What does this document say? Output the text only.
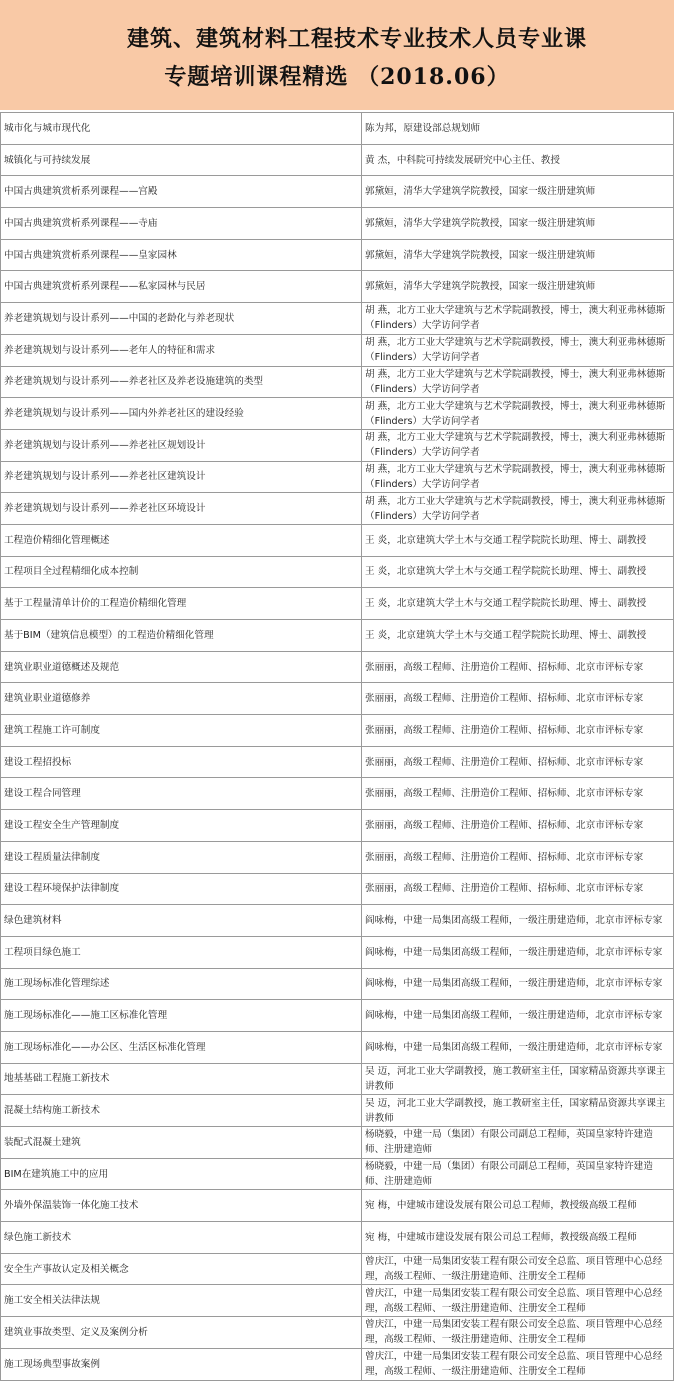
建筑、建筑材料工程技术专业技术人员专业课
专题培训课程精选 （2018.06）
城市化与城市现代化	陈为邦，原建设部总规划师

城镇化与可持续发展	黄 杰，中科院可持续发展研究中心主任、教授

中国古典建筑赏析系列课程——宫殿	郭黛姮，清华大学建筑学院教授，国家一级注册建筑师

中国古典建筑赏析系列课程——寺庙	郭黛姮，清华大学建筑学院教授，国家一级注册建筑师

中国古典建筑赏析系列课程——皇家园林	郭黛姮，清华大学建筑学院教授，国家一级注册建筑师

中国古典建筑赏析系列课程——私家园林与民居	郭黛姮，清华大学建筑学院教授，国家一级注册建筑师

养老建筑规划与设计系列——中国的老龄化与养老现状	胡 燕，北方工业大学建筑与艺术学院副教授，博士，澳大利亚弗林德斯（Flinders）大学访问学者

养老建筑规划与设计系列——老年人的特征和需求	胡 燕，北方工业大学建筑与艺术学院副教授，博士，澳大利亚弗林德斯（Flinders）大学访问学者

养老建筑规划与设计系列——养老社区及养老设施建筑的类型	胡 燕，北方工业大学建筑与艺术学院副教授，博士，澳大利亚弗林德斯（Flinders）大学访问学者

养老建筑规划与设计系列——国内外养老社区的建设经验	胡 燕，北方工业大学建筑与艺术学院副教授，博士，澳大利亚弗林德斯（Flinders）大学访问学者

养老建筑规划与设计系列——养老社区规划设计	胡 燕，北方工业大学建筑与艺术学院副教授，博士，澳大利亚弗林德斯（Flinders）大学访问学者

养老建筑规划与设计系列——养老社区建筑设计	胡 燕，北方工业大学建筑与艺术学院副教授，博士，澳大利亚弗林德斯（Flinders）大学访问学者

养老建筑规划与设计系列——养老社区环境设计	胡 燕，北方工业大学建筑与艺术学院副教授，博士，澳大利亚弗林德斯（Flinders）大学访问学者

工程造价精细化管理概述	王 炎，北京建筑大学土木与交通工程学院院长助理、博士、副教授

工程项目全过程精细化成本控制	王 炎，北京建筑大学土木与交通工程学院院长助理、博士、副教授

基于工程量清单计价的工程造价精细化管理	王 炎，北京建筑大学土木与交通工程学院院长助理、博士、副教授

基于BIM（建筑信息模型）的工程造价精细化管理	王 炎，北京建筑大学土木与交通工程学院院长助理、博士、副教授

建筑业职业道德概述及规范	张丽丽，高级工程师、注册造价工程师、招标师、北京市评标专家

建筑业职业道德修养	张丽丽，高级工程师、注册造价工程师、招标师、北京市评标专家

建筑工程施工许可制度	张丽丽，高级工程师、注册造价工程师、招标师、北京市评标专家

建设工程招投标	张丽丽，高级工程师、注册造价工程师、招标师、北京市评标专家

建设工程合同管理	张丽丽，高级工程师、注册造价工程师、招标师、北京市评标专家

建设工程安全生产管理制度	张丽丽，高级工程师、注册造价工程师、招标师、北京市评标专家

建设工程质量法律制度	张丽丽，高级工程师、注册造价工程师、招标师、北京市评标专家

建设工程环境保护法律制度	张丽丽，高级工程师、注册造价工程师、招标师、北京市评标专家

绿色建筑材料	阎咏梅，中建一局集团高级工程师，一级注册建造师，北京市评标专家

工程项目绿色施工	阎咏梅，中建一局集团高级工程师，一级注册建造师，北京市评标专家

施工现场标准化管理综述	阎咏梅，中建一局集团高级工程师，一级注册建造师，北京市评标专家

施工现场标准化——施工区标准化管理	阎咏梅，中建一局集团高级工程师，一级注册建造师，北京市评标专家

施工现场标准化——办公区、生活区标准化管理	阎咏梅，中建一局集团高级工程师，一级注册建造师，北京市评标专家

地基基础工程施工新技术	吴 迈，河北工业大学副教授，施工教研室主任，国家精品资源共享课主讲教师

混凝土结构施工新技术	吴 迈，河北工业大学副教授，施工教研室主任，国家精品资源共享课主讲教师

装配式混凝土建筑	杨晓毅，中建一局（集团）有限公司副总工程师，英国皇家特许建造师、注册建造师

BIM在建筑施工中的应用	杨晓毅，中建一局（集团）有限公司副总工程师，英国皇家特许建造师、注册建造师

外墙外保温装饰一体化施工技术	宛 梅，中建城市建设发展有限公司总工程师，教授级高级工程师

绿色施工新技术	宛 梅，中建城市建设发展有限公司总工程师，教授级高级工程师

安全生产事故认定及相关概念	曾庆江，中建一局集团安装工程有限公司安全总监、项目管理中心总经理，高级工程师、一级注册建造师、注册安全工程师

施工安全相关法律法规	曾庆江，中建一局集团安装工程有限公司安全总监、项目管理中心总经理，高级工程师、一级注册建造师、注册安全工程师

建筑业事故类型、定义及案例分析	曾庆江，中建一局集团安装工程有限公司安全总监、项目管理中心总经理，高级工程师、一级注册建造师、注册安全工程师

施工现场典型事故案例	曾庆江，中建一局集团安装工程有限公司安全总监、项目管理中心总经理，高级工程师、一级注册建造师、注册安全工程师
